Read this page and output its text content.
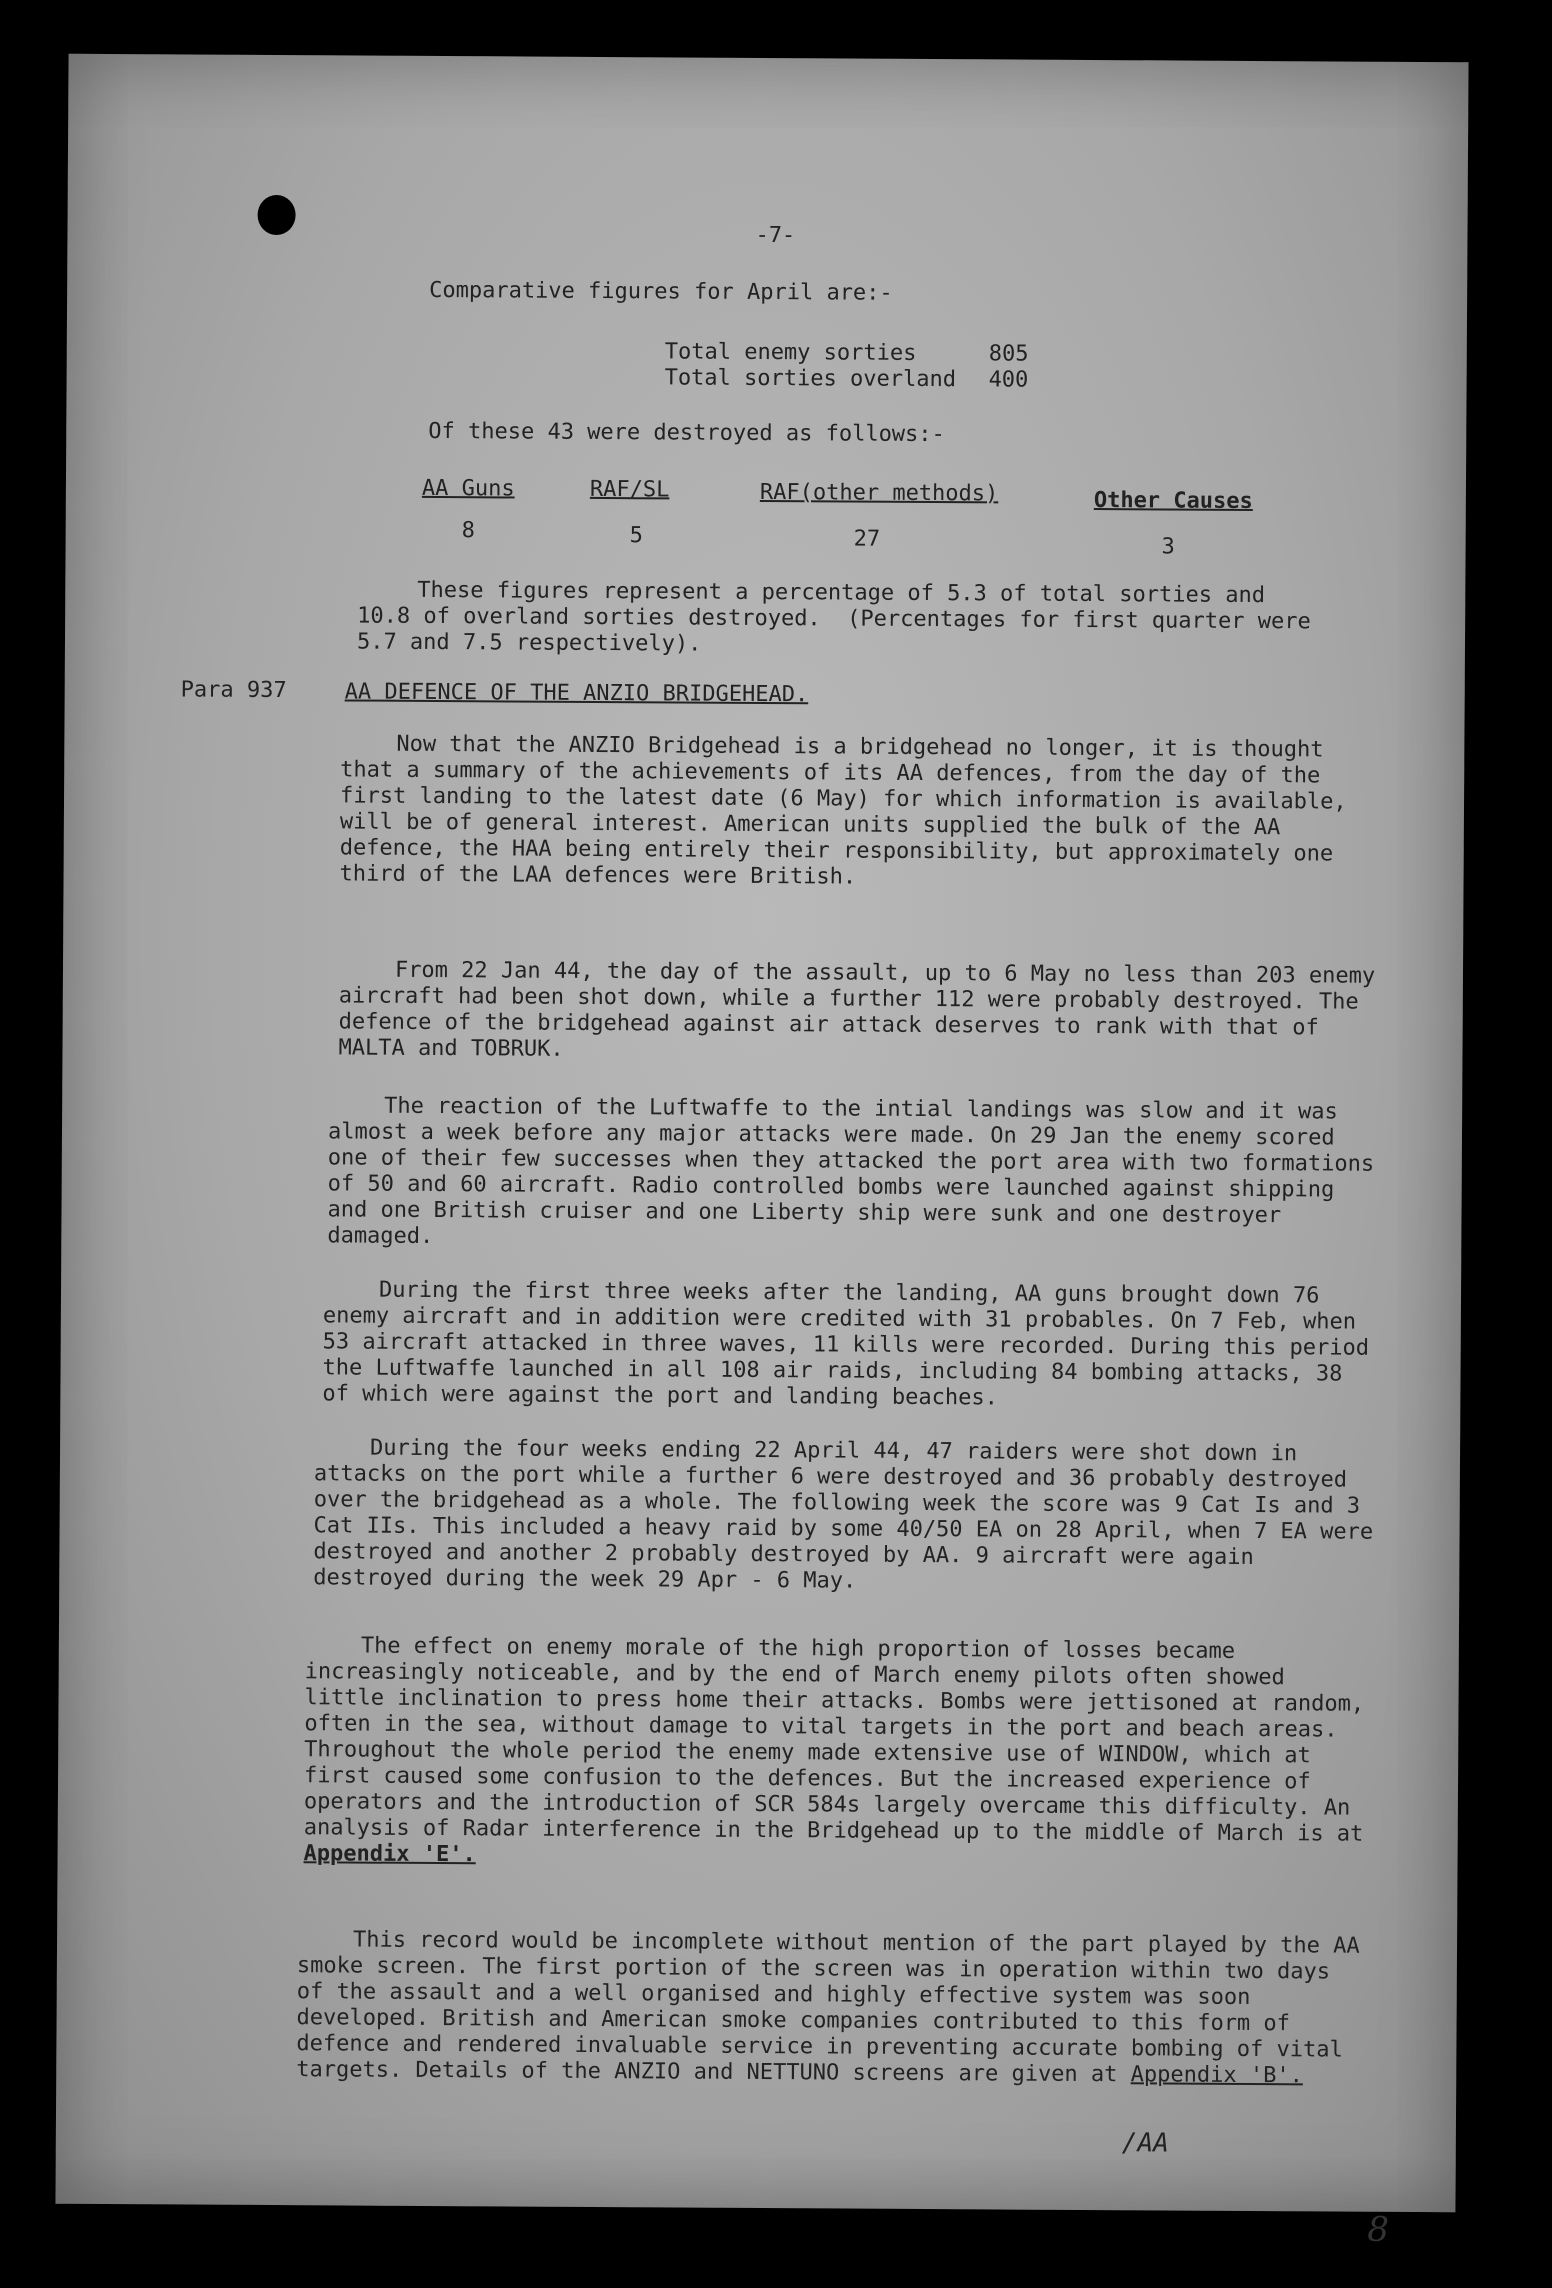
-7-
Comparative figures for April are:-
Total enemy sorties	805
Total sorties overland 400
Of these 43 were destroyed as follows:-
AA Guns
8
RAF/SL
5
RAF(other methods)
27
Other Causes
3
These figures represent a percentage of 5.3 of total sorties and
10.8 of overland sorties destroyed.  (Percentages for first quarter were
5.7 and 7.5 respectively).
Para 937	AA DEFENCE OF THE ANZIO BRIDGEHEAD.
Now that the ANZIO Bridgehead is a bridgehead no longer, it is thought that a summary of the achievements of its AA defences, from the day of the first landing to the latest date (6 May) for which information is available, will be of general interest. American units supplied the bulk of the AA defence, the HAA being entirely their responsibility, but approximately one third of the LAA defences were British.
From 22 Jan 44, the day of the assault, up to 6 May no less than 203 enemy aircraft had been shot down, while a further 112 were probably destroyed. The defence of the bridgehead against air attack deserves to rank with that of MALTA and TOBRUK.
The reaction of the Luftwaffe to the intial landings was slow and it was almost a week before any major attacks were made. On 29 Jan the enemy scored one of their few successes when they attacked the port area with two formations of 50 and 60 aircraft. Radio controlled bombs were launched against shipping and one British cruiser and one Liberty ship were sunk and one destroyer damaged.
During the first three weeks after the landing, AA guns brought down 76 enemy aircraft and in addition were credited with 31 probables. On 7 Feb, when 53 aircraft attacked in three waves, 11 kills were recorded. During this period the Luftwaffe launched in all 108 air raids, including 84 bombing attacks, 38 of which were against the port and landing beaches.
During the four weeks ending 22 April 44, 47 raiders were shot down in attacks on the port while a further 6 were destroyed and 36 probably destroyed over the bridgehead as a whole. The following week the score was 9 Cat Is and 3 Cat IIs. This included a heavy raid by some 40/50 EA on 28 April, when 7 EA were destroyed and another 2 probably destroyed by AA. 9 aircraft were again destroyed during the week 29 Apr - 6 May.
The effect on enemy morale of the high proportion of losses became increasingly noticeable, and by the end of March enemy pilots often showed little inclination to press home their attacks. Bombs were jettisoned at random, often in the sea, without damage to vital targets in the port and beach areas. Throughout the whole period the enemy made extensive use of WINDOW, which at first caused some confusion to the defences. But the increased experience of operators and the introduction of SCR 584s largely overcame this difficulty. An analysis of Radar interference in the Bridgehead up to the middle of March is at Appendix 'E'.
This record would be incomplete without mention of the part played by the AA smoke screen. The first portion of the screen was in operation within two days of the assault and a well organised and highly effective system was soon developed. British and American smoke companies contributed to this form of defence and rendered invaluable service in preventing accurate bombing of vital targets. Details of the ANZIO and NETTUNO screens are given at Appendix 'B'.
/AA
8
